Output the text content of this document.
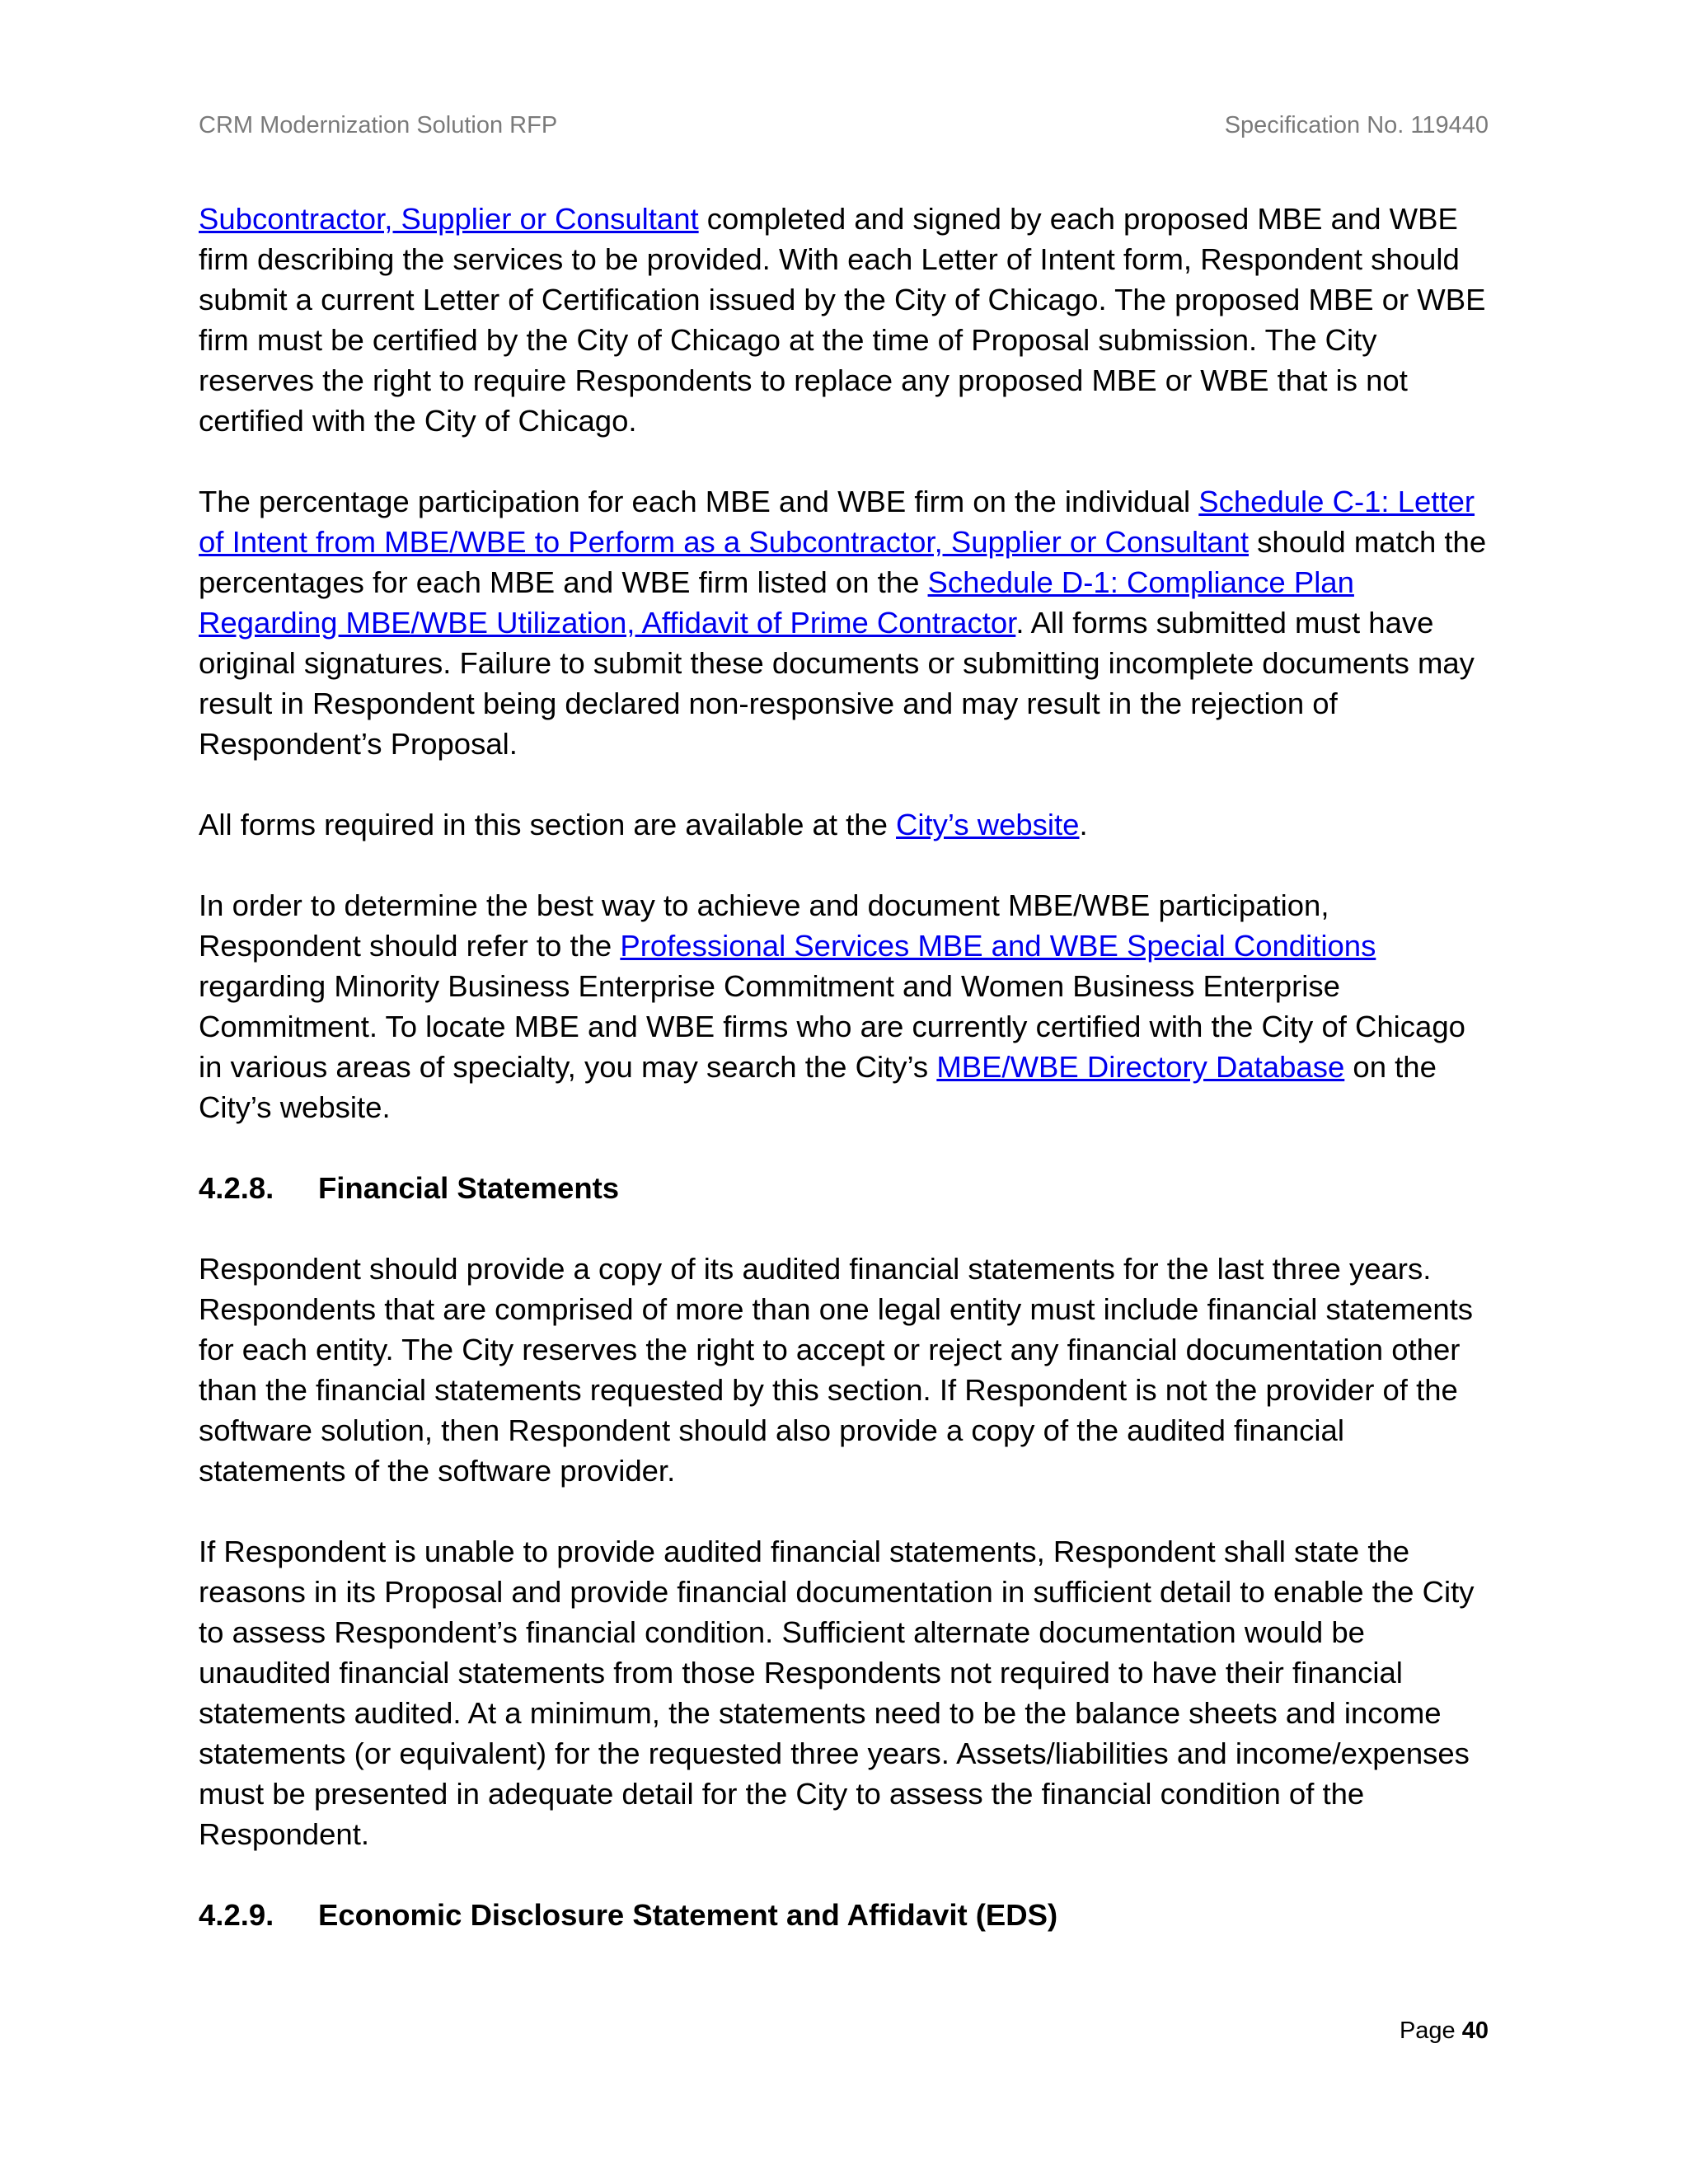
CRM Modernization Solution RFP	Specification No. 119440

Subcontractor, Supplier or Consultant completed and signed by each proposed MBE and WBE firm describing the services to be provided. With each Letter of Intent form, Respondent should submit a current Letter of Certification issued by the City of Chicago. The proposed MBE or WBE firm must be certified by the City of Chicago at the time of Proposal submission. The City reserves the right to require Respondents to replace any proposed MBE or WBE that is not certified with the City of Chicago.

The percentage participation for each MBE and WBE firm on the individual Schedule C-1: Letter of Intent from MBE/WBE to Perform as a Subcontractor, Supplier or Consultant should match the percentages for each MBE and WBE firm listed on the Schedule D-1: Compliance Plan Regarding MBE/WBE Utilization, Affidavit of Prime Contractor. All forms submitted must have original signatures. Failure to submit these documents or submitting incomplete documents may result in Respondent being declared non-responsive and may result in the rejection of Respondent’s Proposal.

All forms required in this section are available at the City’s website.

In order to determine the best way to achieve and document MBE/WBE participation, Respondent should refer to the Professional Services MBE and WBE Special Conditions regarding Minority Business Enterprise Commitment and Women Business Enterprise Commitment. To locate MBE and WBE firms who are currently certified with the City of Chicago in various areas of specialty, you may search the City’s MBE/WBE Directory Database on the City’s website.

4.2.8. Financial Statements

Respondent should provide a copy of its audited financial statements for the last three years. Respondents that are comprised of more than one legal entity must include financial statements for each entity. The City reserves the right to accept or reject any financial documentation other than the financial statements requested by this section. If Respondent is not the provider of the software solution, then Respondent should also provide a copy of the audited financial statements of the software provider.

If Respondent is unable to provide audited financial statements, Respondent shall state the reasons in its Proposal and provide financial documentation in sufficient detail to enable the City to assess Respondent’s financial condition. Sufficient alternate documentation would be unaudited financial statements from those Respondents not required to have their financial statements audited. At a minimum, the statements need to be the balance sheets and income statements (or equivalent) for the requested three years. Assets/liabilities and income/expenses must be presented in adequate detail for the City to assess the financial condition of the Respondent.

4.2.9. Economic Disclosure Statement and Affidavit (EDS)
Page 40
